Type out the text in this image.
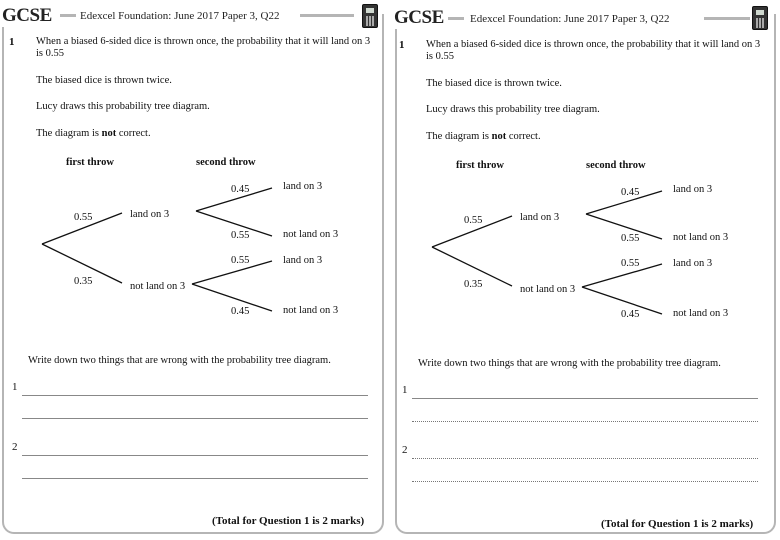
GCSE	Edexcel Foundation: June 2017 Paper 3, Q22
1 When a biased 6-sided dice is thrown once, the probability that it will land on 3 is 0.55
The biased dice is thrown twice.
Lucy draws this probability tree diagram.
The diagram is not correct.
first throw	second throw
0.55
0.35
land on 3
not land on 3
0.45
0.55
0.55
0.45
land on 3
not land on 3
land on 3
not land on 3
Write down two things that are wrong with the probability tree diagram.
1
2
(Total for Question 1 is 2 marks)
GCSE	Edexcel Foundation: June 2017 Paper 3, Q22
1 When a biased 6-sided dice is thrown once, the probability that it will land on 3 is 0.55
The biased dice is thrown twice.
Lucy draws this probability tree diagram.
The diagram is not correct.
first throw	second throw
0.55
0.35
land on 3
not land on 3
0.45
0.55
0.55
0.45
land on 3
not land on 3
land on 3
not land on 3
Write down two things that are wrong with the probability tree diagram.
1
2
(Total for Question 1 is 2 marks)
